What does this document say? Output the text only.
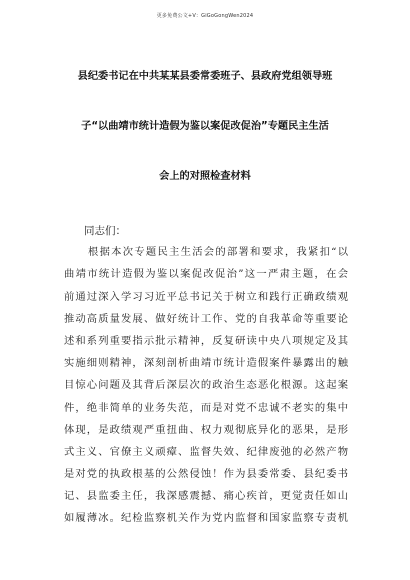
更多免费公文+V：GiGoGongWen2024
县纪委书记在中共某某县委常委班子、县政府党组领导班
子“以曲靖市统计造假为鉴以案促改促治”专题民主生活
会上的对照检查材料

同志们：

根据本次专题民主生活会的部署和要求，我紧扣“以

曲靖市统计造假为鉴以案促改促治”这一严肃主题，在会

前通过深入学习习近平总书记关于树立和践行正确政绩观

推动高质量发展、做好统计工作、党的自我革命等重要论

述和系列重要指示批示精神，反复研读中央八项规定及其

实施细则精神，深刻剖析曲靖市统计造假案件暴露出的触

目惊心问题及其背后深层次的政治生态恶化根源。这起案

件，绝非简单的业务失范，而是对党不忠诚不老实的集中

体现，是政绩观严重扭曲、权力观彻底异化的恶果，是形

式主义、官僚主义顽瘴、监督失效、纪律废弛的必然产物

是对党的执政根基的公然侵蚀！作为县委常委、县纪委书

记、县监委主任，我深感震撼、痛心疾首，更觉责任如山

如履薄冰。纪检监察机关作为党内监督和国家监察专责机
